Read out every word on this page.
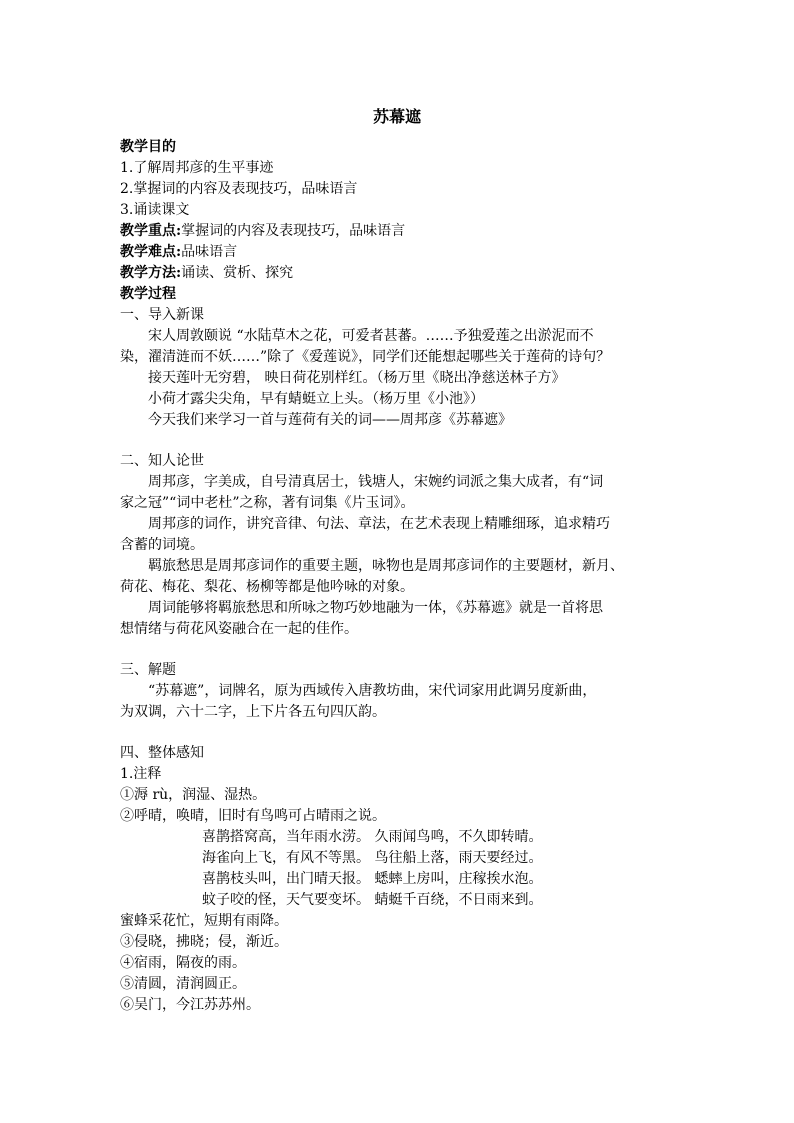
苏幕遮
教学目的
1.了解周邦彦的生平事迹
2.掌握词的内容及表现技巧，品味语言
3.诵读课文
教学重点:掌握词的内容及表现技巧，品味语言
教学难点:品味语言
教学方法:诵读、赏析、探究
教学过程
一、导入新课
宋人周敦颐说 “水陆草木之花，可爱者甚蕃。……予独爱莲之出淤泥而不
染，濯清涟而不妖……”除了《爱莲说》，同学们还能想起哪些关于莲荷的诗句？
接天莲叶无穷碧， 映日荷花别样红。（杨万里《晓出净慈送林子方》
小荷才露尖尖角，早有蜻蜓立上头。（杨万里《小池》）
今天我们来学习一首与莲荷有关的词——周邦彦《苏幕遮》
二、知人论世
周邦彦，字美成，自号清真居士，钱塘人，宋婉约词派之集大成者，有“词
家之冠”“词中老杜”之称，著有词集《片玉词》。
周邦彦的词作，讲究音律、句法、章法，在艺术表现上精雕细琢，追求精巧
含蓄的词境。
羁旅愁思是周邦彦词作的重要主题，咏物也是周邦彦词作的主要题材，新月、
荷花、梅花、梨花、杨柳等都是他吟咏的对象。
周词能够将羁旅愁思和所咏之物巧妙地融为一体，《苏幕遮》就是一首将思
想情绪与荷花风姿融合在一起的佳作。
三、解题
“苏幕遮”，词牌名，原为西域传入唐教坊曲，宋代词家用此调另度新曲，
为双调，六十二字，上下片各五句四仄韵。
四、整体感知
1.注释
①溽 rù，润湿、湿热。
②呼晴，唤晴，旧时有鸟鸣可占晴雨之说。
喜鹊搭窝高，当年雨水涝。 久雨闻鸟鸣，不久即转晴。
海雀向上飞，有风不等黑。 鸟往船上落，雨天要经过。
喜鹊枝头叫，出门晴天报。 蟋蟀上房叫，庄稼挨水泡。
蚊子咬的怪，天气要变坏。 蜻蜓千百绕，不日雨来到。
蜜蜂采花忙，短期有雨降。
③侵晓，拂晓；侵，渐近。
④宿雨，隔夜的雨。
⑤清圆，清润圆正。
⑥吴门，今江苏苏州。
